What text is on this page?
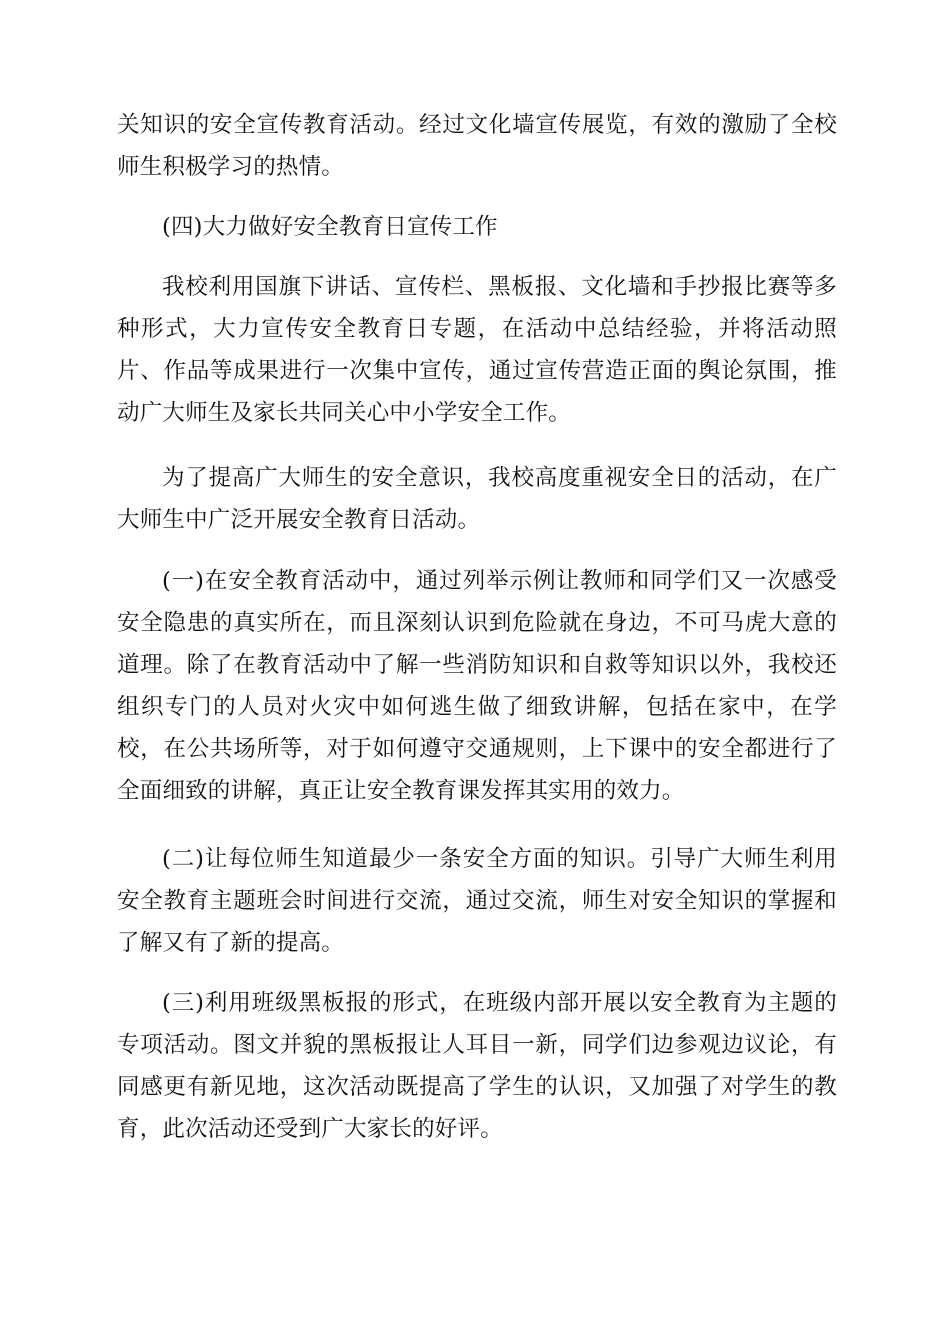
关知识的安全宣传教育活动。经过文化墙宣传展览，有效的激励了全校师生积极学习的热情。

(四)大力做好安全教育日宣传工作

我校利用国旗下讲话、宣传栏、黑板报、文化墙和手抄报比赛等多种形式，大力宣传安全教育日专题，在活动中总结经验，并将活动照片、作品等成果进行一次集中宣传，通过宣传营造正面的舆论氛围，推动广大师生及家长共同关心中小学安全工作。

为了提高广大师生的安全意识，我校高度重视安全日的活动，在广大师生中广泛开展安全教育日活动。

(一)在安全教育活动中，通过列举示例让教师和同学们又一次感受安全隐患的真实所在，而且深刻认识到危险就在身边，不可马虎大意的道理。除了在教育活动中了解一些消防知识和自救等知识以外，我校还组织专门的人员对火灾中如何逃生做了细致讲解，包括在家中，在学校，在公共场所等，对于如何遵守交通规则，上下课中的安全都进行了全面细致的讲解，真正让安全教育课发挥其实用的效力。

(二)让每位师生知道最少一条安全方面的知识。引导广大师生利用安全教育主题班会时间进行交流，通过交流，师生对安全知识的掌握和了解又有了新的提高。

(三)利用班级黑板报的形式，在班级内部开展以安全教育为主题的专项活动。图文并貌的黑板报让人耳目一新，同学们边参观边议论，有同感更有新见地，这次活动既提高了学生的认识，又加强了对学生的教育，此次活动还受到广大家长的好评。
